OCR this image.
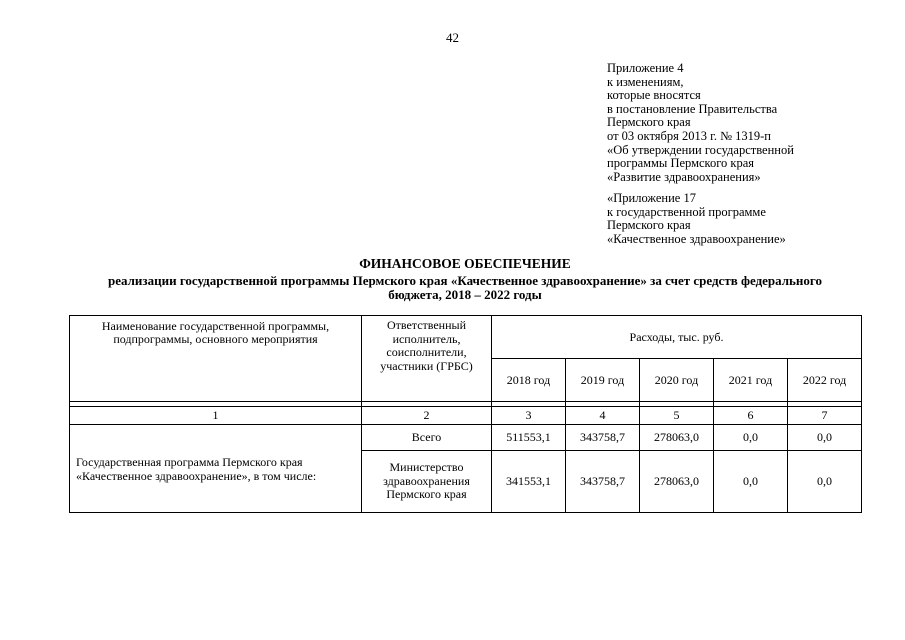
42
Приложение 4
к изменениям,
которые вносятся
в постановление Правительства
Пермского края
от 03 октября 2013 г. № 1319-п
«Об утверждении государственной
программы Пермского края
«Развитие здравоохранения»
«Приложение 17
к государственной программе
Пермского края
«Качественное здравоохранение»
ФИНАНСОВОЕ ОБЕСПЕЧЕНИЕ
реализации государственной программы Пермского края «Качественное здравоохранение» за счет средств федерального бюджета, 2018 – 2022 годы
Наименование государственной программы, подпрограммы, основного мероприятия	Ответственный исполнитель, соисполнители, участники (ГРБС)	Расходы, тыс. руб.				
		2018 год	2019 год	2020 год	2021 год	2022 год

1	2	3	4	5	6	7
Государственная программа Пермского края «Качественное здравоохранение», в том числе:	Всего	511553,1	343758,7	278063,0	0,0	0,0
	Министерство здравоохранения Пермского края	341553,1	343758,7	278063,0	0,0	0,0
